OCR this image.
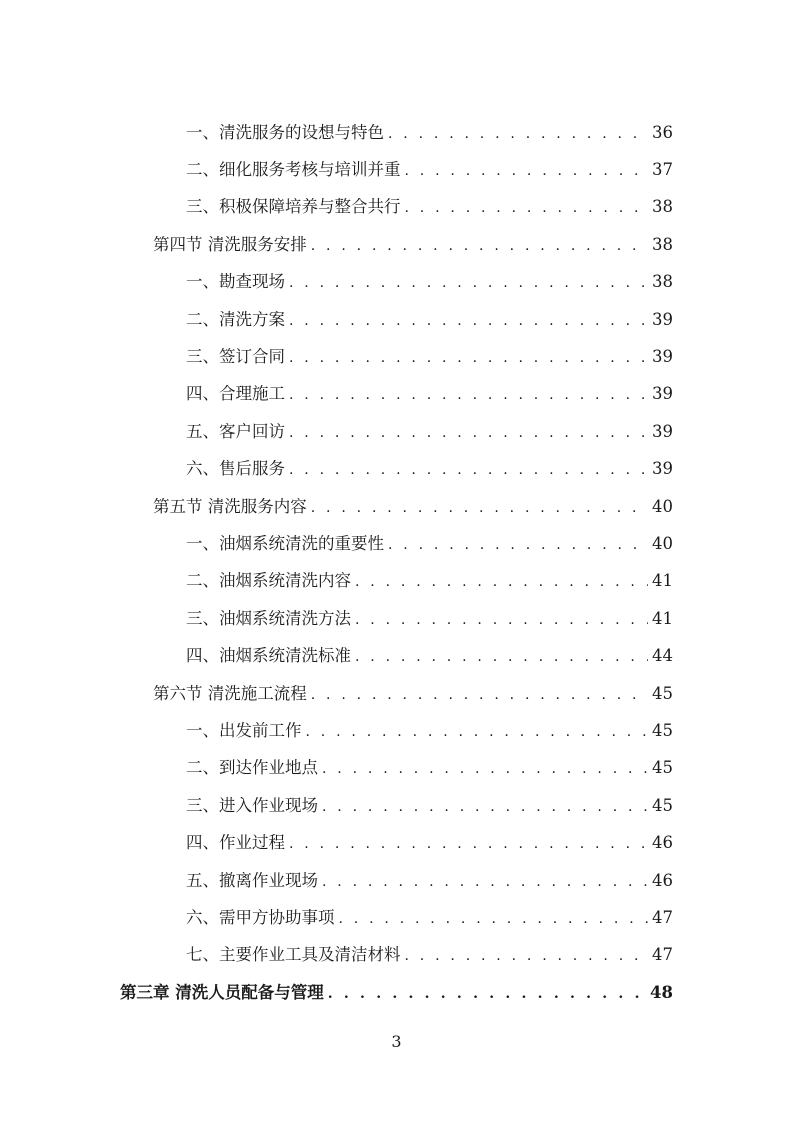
一、清洗服务的设想与特色 . . .	36
二、细化服务考核与培训并重 . . .	37
三、积极保障培养与整合共行 . . .	38
第四节 清洗服务安排 . . .	38
一、勘查现场 . . .	38
二、清洗方案 . . .	39
三、签订合同 . . .	39
四、合理施工 . . .	39
五、客户回访 . . .	39
六、售后服务 . . .	39
第五节 清洗服务内容 . . .	40
一、油烟系统清洗的重要性 . . .	40
二、油烟系统清洗内容 . . .	41
三、油烟系统清洗方法 . . .	41
四、油烟系统清洗标准 . . .	44
第六节 清洗施工流程 . . .	45
一、出发前工作 . . .	45
二、到达作业地点 . . .	45
三、进入作业现场 . . .	45
四、作业过程 . . .	46
五、撤离作业现场 . . .	46
六、需甲方协助事项 . . .	47
七、主要作业工具及清洁材料 . . .	47
第三章 清洗人员配备与管理 . . .	48
3
